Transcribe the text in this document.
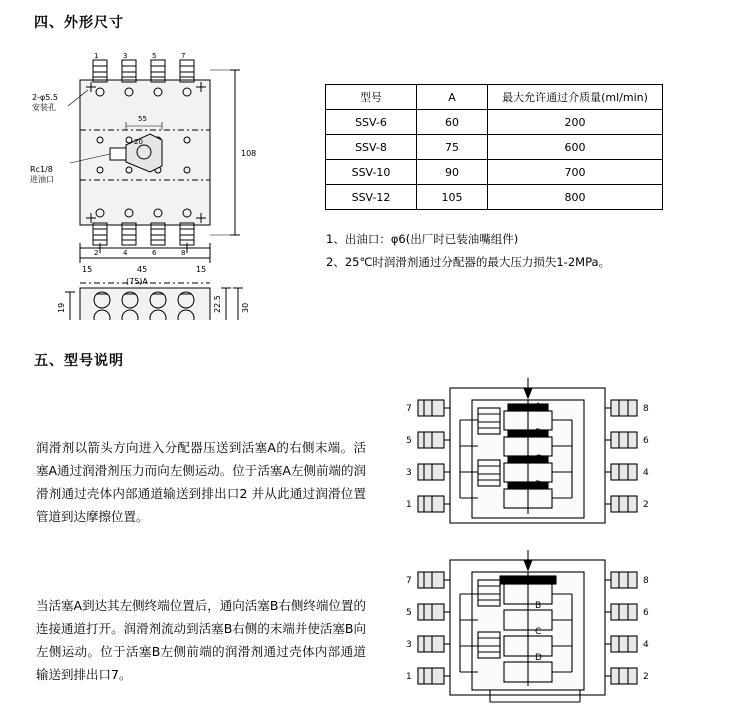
四、外形尺寸
五、型号说明
2-φ5.5
安装孔
Rc1/8
进油口
55
20
108
15	45	15
(75)A
22.5 30
19
1	3	5	7
2	4	6	8
型号	A	最大允许通过介质量(ml/min)
SSV-6	60	200
SSV-8	75	600
SSV-10	90	700
SSV-12	105	800
1、出油口：φ6(出厂时已装油嘴组件)
2、25℃时润滑剂通过分配器的最大压力损失1-2MPa。
润滑剂以箭头方向进入分配器压送到活塞A的右侧末端。活塞A通过润滑剂压力而向左侧运动。位于活塞A左侧前端的润滑剂通过壳体内部通道输送到排出口2 并从此通过润滑位置管道到达摩擦位置。
当活塞A到达其左侧终端位置后，通向活塞B右侧终端位置的连接通道打开。润滑剂流动到活塞B右侧的末端并使活塞B向左侧运动。位于活塞B左侧前端的润滑剂通过壳体内部通道输送到排出口7。
7
5
3
1
8
6
4
2
A
B
C
D
7
5
3
1
8
6
4
2
A
B
C
D
